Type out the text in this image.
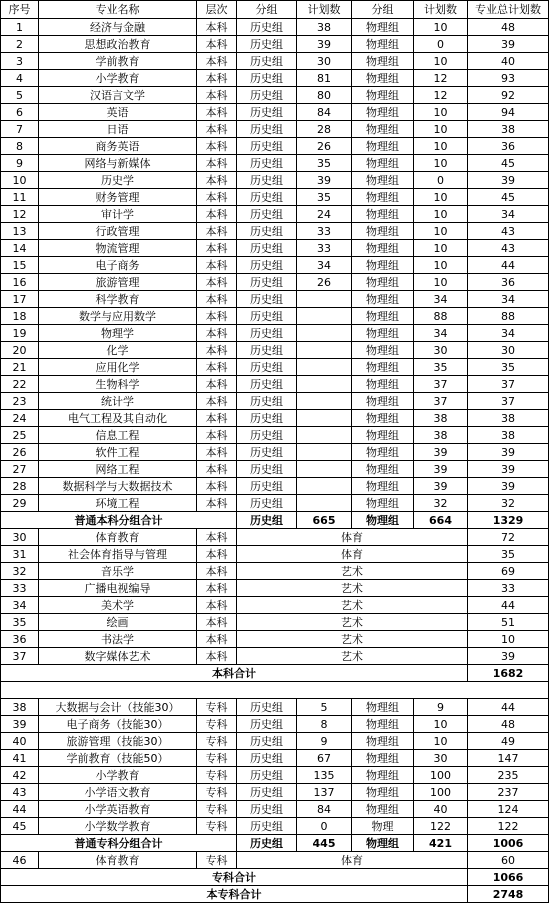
序号	专业名称	层次	分组	计划数	分组	计划数	专业总计划数
1	经济与金融	本科	历史组	38	物理组	10	48
2	思想政治教育	本科	历史组	39	物理组	0	39
3	学前教育	本科	历史组	30	物理组	10	40
4	小学教育	本科	历史组	81	物理组	12	93
5	汉语言文学	本科	历史组	80	物理组	12	92
6	英语	本科	历史组	84	物理组	10	94
7	日语	本科	历史组	28	物理组	10	38
8	商务英语	本科	历史组	26	物理组	10	36
9	网络与新媒体	本科	历史组	35	物理组	10	45
10	历史学	本科	历史组	39	物理组	0	39
11	财务管理	本科	历史组	35	物理组	10	45
12	审计学	本科	历史组	24	物理组	10	34
13	行政管理	本科	历史组	33	物理组	10	43
14	物流管理	本科	历史组	33	物理组	10	43
15	电子商务	本科	历史组	34	物理组	10	44
16	旅游管理	本科	历史组	26	物理组	10	36
17	科学教育	本科	历史组		物理组	34	34
18	数学与应用数学	本科	历史组		物理组	88	88
19	物理学	本科	历史组		物理组	34	34
20	化学	本科	历史组		物理组	30	30
21	应用化学	本科	历史组		物理组	35	35
22	生物科学	本科	历史组		物理组	37	37
23	统计学	本科	历史组		物理组	37	37
24	电气工程及其自动化	本科	历史组		物理组	38	38
25	信息工程	本科	历史组		物理组	38	38
26	软件工程	本科	历史组		物理组	39	39
27	网络工程	本科	历史组		物理组	39	39
28	数据科学与大数据技术	本科	历史组		物理组	39	39
29	环境工程	本科	历史组		物理组	32	32
普通本科分组合计			历史组	665	物理组	664	1329
30	体育教育	本科	体育				72
31	社会体育指导与管理	本科	体育				35
32	音乐学	本科	艺术				69
33	广播电视编导	本科	艺术				33
34	美术学	本科	艺术				44
35	绘画	本科	艺术				51
36	书法学	本科	艺术				10
37	数字媒体艺术	本科	艺术				39
本科合计							1682

38	大数据与会计（技能30）	专科	历史组	5	物理组	9	44
39	电子商务（技能30）	专科	历史组	8	物理组	10	48
40	旅游管理（技能30）	专科	历史组	9	物理组	10	49
41	学前教育（技能50）	专科	历史组	67	物理组	30	147
42	小学教育	专科	历史组	135	物理组	100	235
43	小学语文教育	专科	历史组	137	物理组	100	237
44	小学英语教育	专科	历史组	84	物理组	40	124
45	小学数学教育	专科	历史组	0	物理	122	122
普通专科分组合计			历史组	445	物理组	421	1006
46	体育教育	专科	体育				60
专科合计							1066
本专科合计							2748
